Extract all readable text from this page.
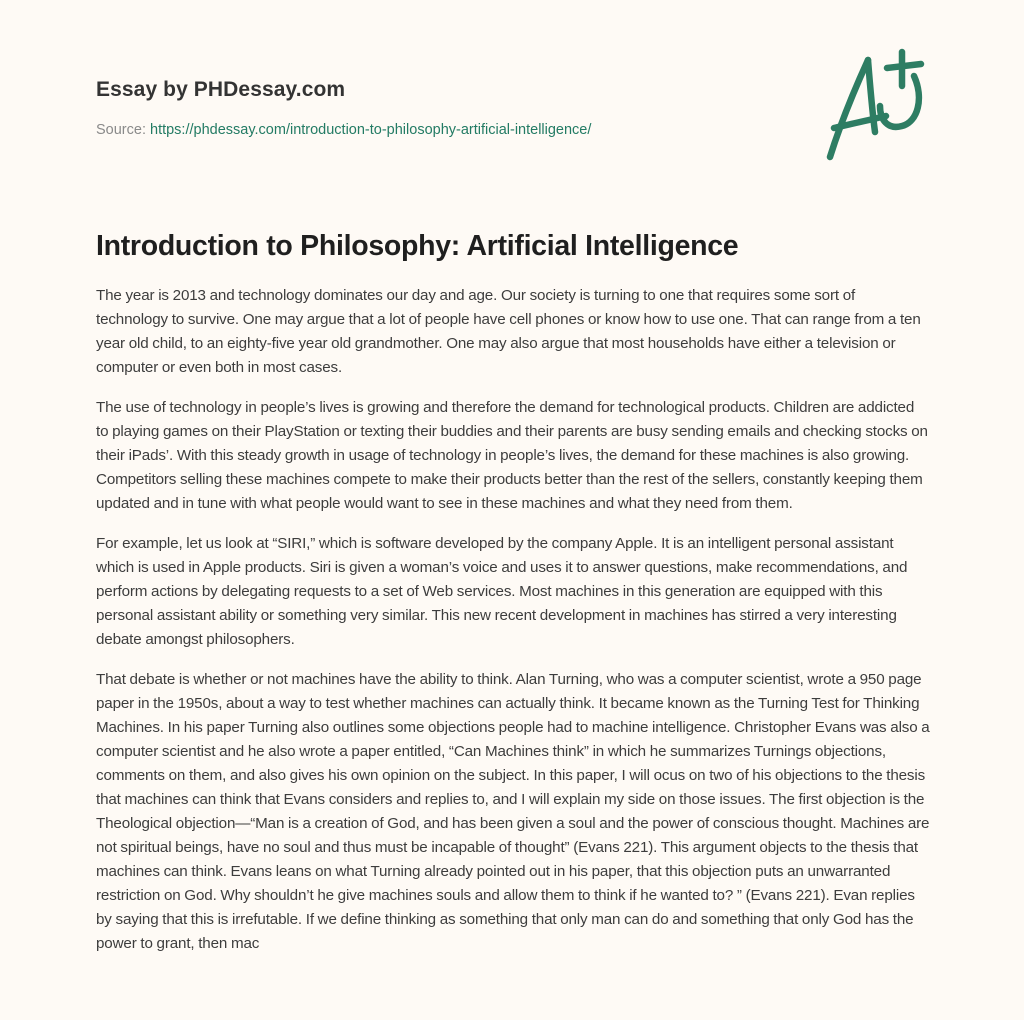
Essay by PHDessay.com
Source: https://phdessay.com/introduction-to-philosophy-artificial-intelligence/
Introduction to Philosophy: Artificial Intelligence

The year is 2013 and technology dominates our day and age. Our society is turning to one that requires some sort of technology to survive. One may argue that a lot of people have cell phones or know how to use one. That can range from a ten year old child, to an eighty-five year old grandmother. One may also argue that most households have either a television or computer or even both in most cases.

The use of technology in people’s lives is growing and therefore the demand for technological products. Children are addicted to playing games on their PlayStation or texting their buddies and their parents are busy sending emails and checking stocks on their iPads’. With this steady growth in usage of technology in people’s lives, the demand for these machines is also growing. Competitors selling these machines compete to make their products better than the rest of the sellers, constantly keeping them updated and in tune with what people would want to see in these machines and what they need from them.

For example, let us look at “SIRI,” which is software developed by the company Apple. It is an intelligent personal assistant which is used in Apple products. Siri is given a woman’s voice and uses it to answer questions, make recommendations, and perform actions by delegating requests to a set of Web services. Most machines in this generation are equipped with this personal assistant ability or something very similar. This new recent development in machines has stirred a very interesting debate amongst philosophers.

That debate is whether or not machines have the ability to think. Alan Turning, who was a computer scientist, wrote a 950 page paper in the 1950s, about a way to test whether machines can actually think. It became known as the Turning Test for Thinking Machines. In his paper Turning also outlines some objections people had to machine intelligence. Christopher Evans was also a computer scientist and he also wrote a paper entitled, “Can Machines think” in which he summarizes Turnings objections, comments on them, and also gives his own opinion on the subject. In this paper, I will ocus on two of his objections to the thesis that machines can think that Evans considers and replies to, and I will explain my side on those issues. The first objection is the Theological objection—“Man is a creation of God, and has been given a soul and the power of conscious thought. Machines are not spiritual beings, have no soul and thus must be incapable of thought” (Evans 221). This argument objects to the thesis that machines can think. Evans leans on what Turning already pointed out in his paper, that this objection puts an unwarranted restriction on God. Why shouldn’t he give machines souls and allow them to think if he wanted to? ” (Evans 221). Evan replies by saying that this is irrefutable. If we define thinking as something that only man can do and something that only God has the power to grant, then mac
